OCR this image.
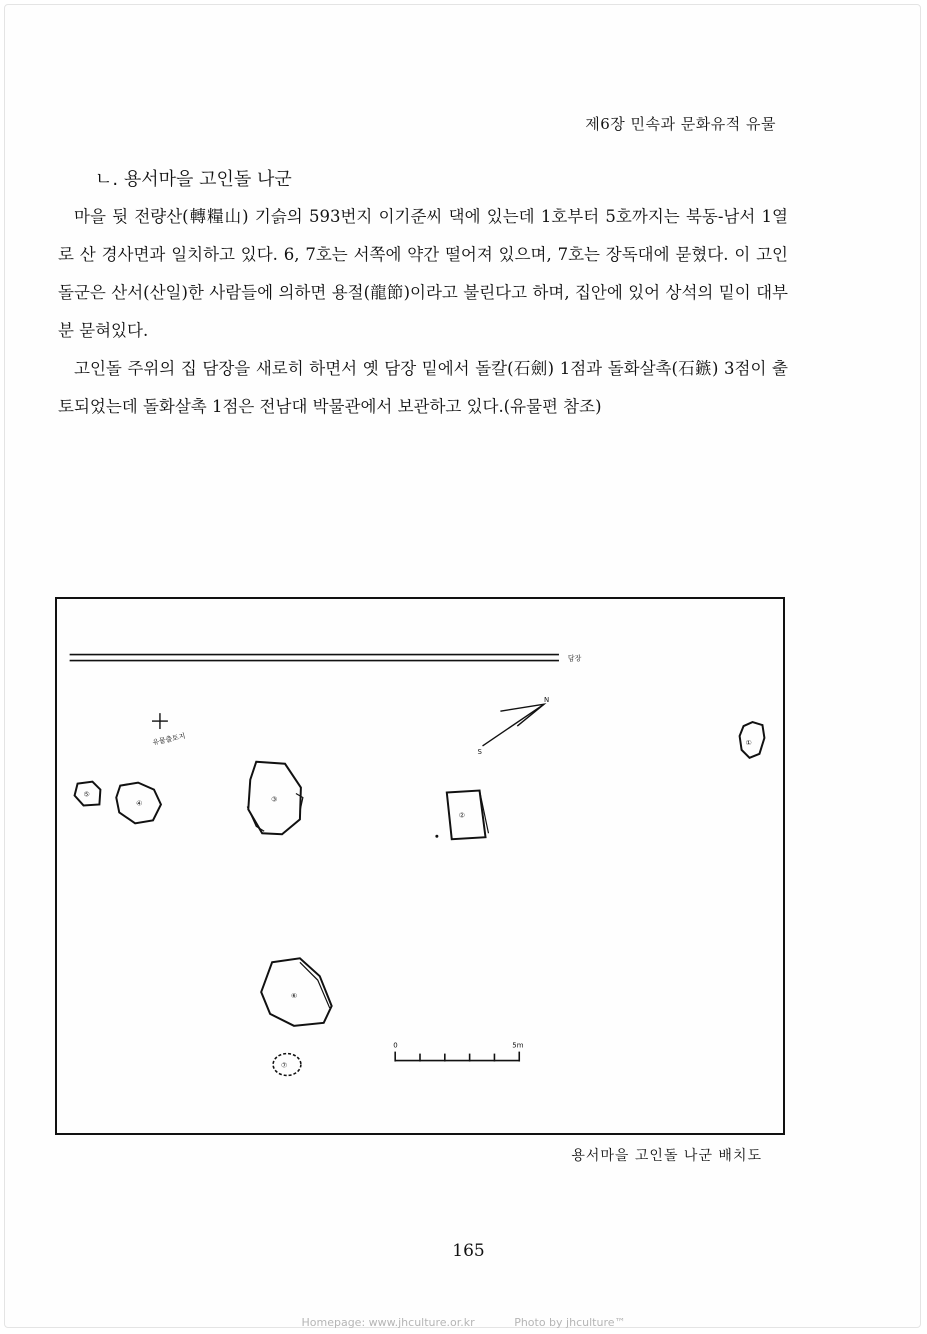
제6장 민속과 문화유적 유물
ㄴ. 용서마을 고인돌 나군

마을 뒷 전량산(轉糧山) 기슭의 593번지 이기준씨 댁에 있는데 1호부터 5호까지는 북동-남서 1열로 산 경사면과 일치하고 있다. 6, 7호는 서쪽에 약간 떨어져 있으며, 7호는 장독대에 묻혔다. 이 고인돌군은 산서(산일)한 사람들에 의하면 용절(龍節)이라고 불린다고 하며, 집안에 있어 상석의 밑이 대부분 묻혀있다.

고인돌 주위의 집 담장을 새로히 하면서 옛 담장 밑에서 돌칼(石劍) 1점과 돌화살촉(石鏃) 3점이 출토되었는데 돌화살촉 1점은 전남대 박물관에서 보관하고 있다.(유물편 참조)

담장
유물출토지
N
S
①
②
③
④
⑤
⑥
⑦
0	5m
용서마을 고인돌 나군 배치도
165
Homepage: www.jhculture.or.kr	Photo by jhculture™
